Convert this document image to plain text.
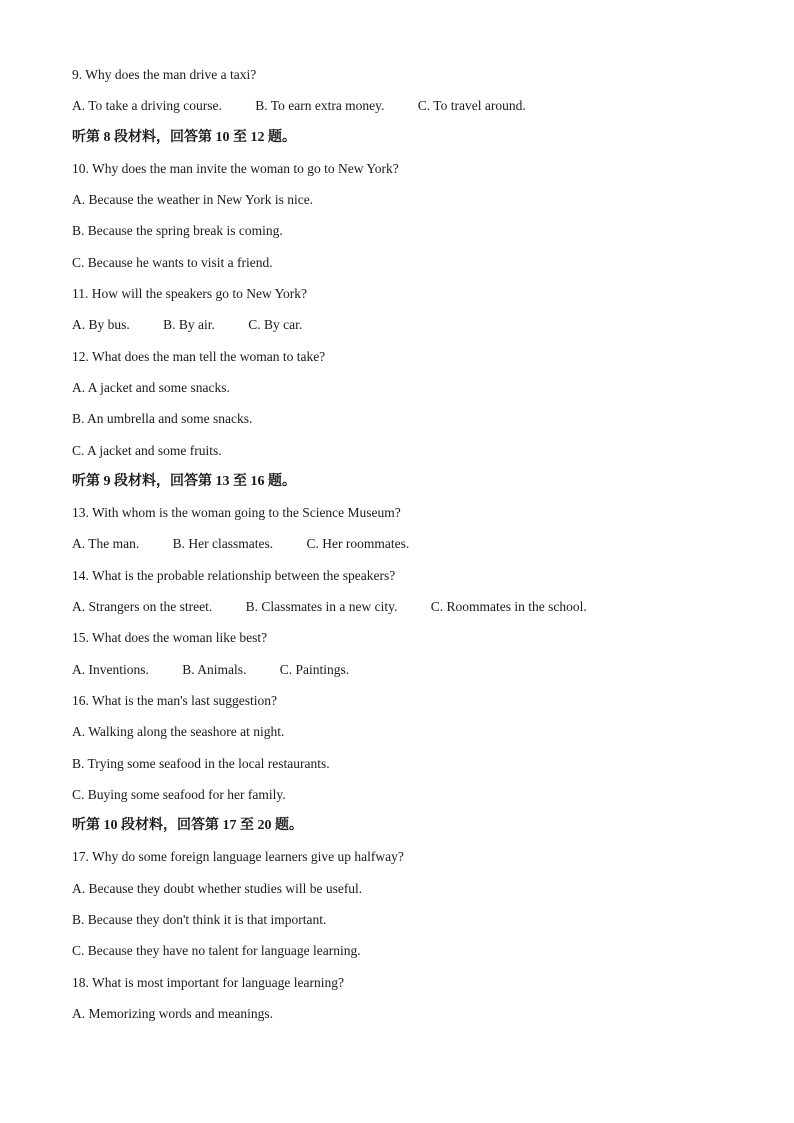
9. Why does the man drive a taxi?
A. To take a driving course. B. To earn extra money. C. To travel around.
听第 8 段材料，回答第 10 至 12 题。
10. Why does the man invite the woman to go to New York?
A. Because the weather in New York is nice.
B. Because the spring break is coming.
C. Because he wants to visit a friend.
11. How will the speakers go to New York?
A. By bus. B. By air. C. By car.
12. What does the man tell the woman to take?
A. A jacket and some snacks.
B. An umbrella and some snacks.
C. A jacket and some fruits.
听第 9 段材料，回答第 13 至 16 题。
13. With whom is the woman going to the Science Museum?
A. The man. B. Her classmates. C. Her roommates.
14. What is the probable relationship between the speakers?
A. Strangers on the street. B. Classmates in a new city. C. Roommates in the school.
15. What does the woman like best?
A. Inventions. B. Animals. C. Paintings.
16. What is the man's last suggestion?
A. Walking along the seashore at night.
B. Trying some seafood in the local restaurants.
C. Buying some seafood for her family.
听第 10 段材料，回答第 17 至 20 题。
17. Why do some foreign language learners give up halfway?
A. Because they doubt whether studies will be useful.
B. Because they don't think it is that important.
C. Because they have no talent for language learning.
18. What is most important for language learning?
A. Memorizing words and meanings.
